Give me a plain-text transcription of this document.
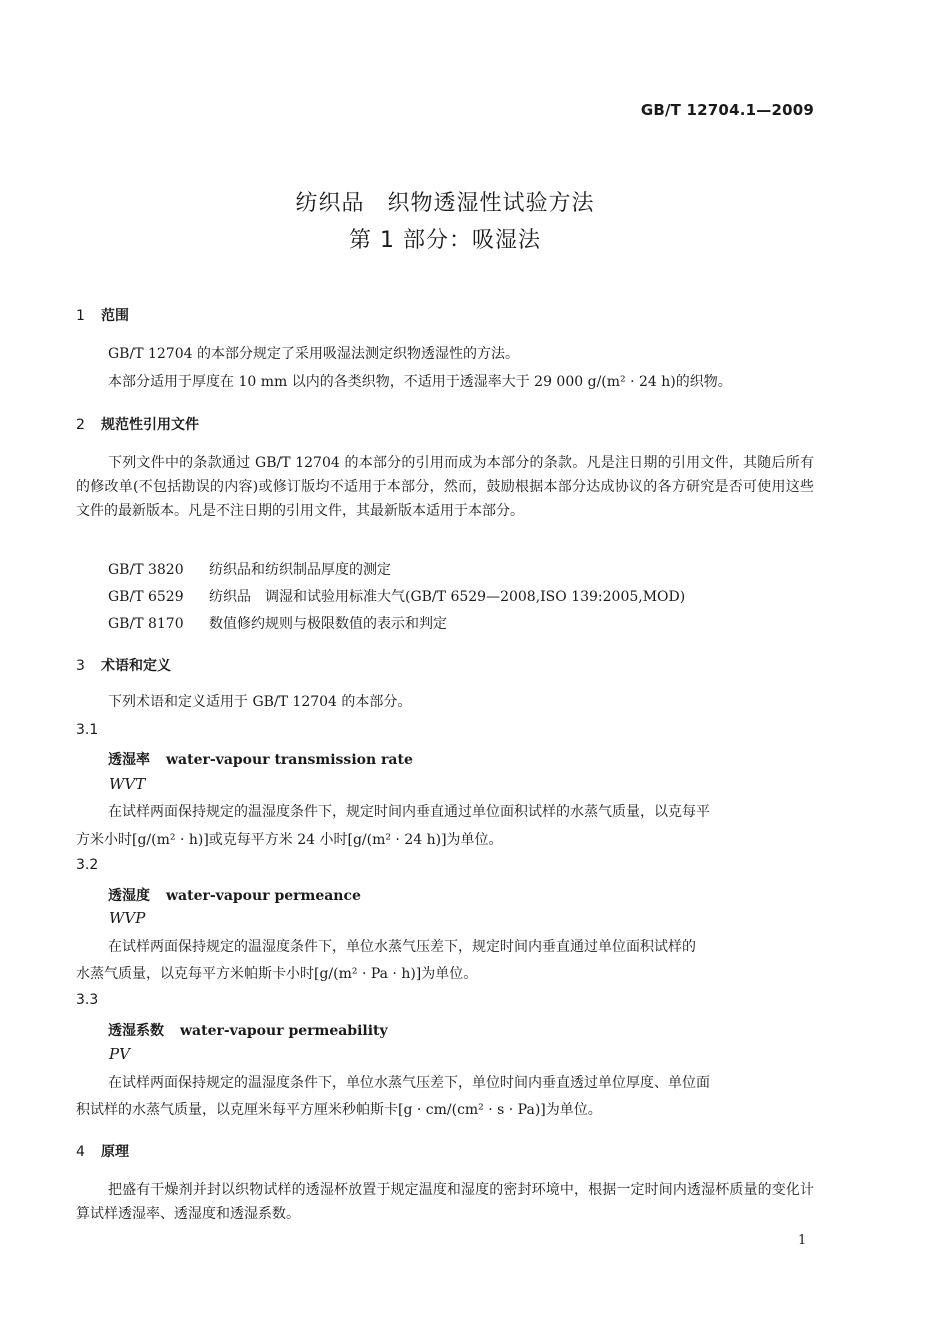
GB/T 12704.1—2009
纺织品　织物透湿性试验方法
第 1 部分：吸湿法
1 范围
GB/T 12704 的本部分规定了采用吸湿法测定织物透湿性的方法。
本部分适用于厚度在 10 mm 以内的各类织物，不适用于透湿率大于 29 000 g/(m² · 24 h)的织物。
2 规范性引用文件
下列文件中的条款通过 GB/T 12704 的本部分的引用而成为本部分的条款。凡是注日期的引用文件，其随后所有的修改单(不包括勘误的内容)或修订版均不适用于本部分，然而，鼓励根据本部分达成协议的各方研究是否可使用这些文件的最新版本。凡是不注日期的引用文件，其最新版本适用于本部分。
GB/T 3820 纺织品和纺织制品厚度的测定
GB/T 6529 纺织品　调湿和试验用标准大气(GB/T 6529—2008,ISO 139:2005,MOD)
GB/T 8170 数值修约规则与极限数值的表示和判定
3 术语和定义
下列术语和定义适用于 GB/T 12704 的本部分。
3.1
透湿率 water-vapour transmission rate
WVT
在试样两面保持规定的温湿度条件下，规定时间内垂直通过单位面积试样的水蒸气质量，以克每平
方米小时[g/(m² · h)]或克每平方米 24 小时[g/(m² · 24 h)]为单位。
3.2
透湿度 water-vapour permeance
WVP
在试样两面保持规定的温湿度条件下，单位水蒸气压差下，规定时间内垂直通过单位面积试样的
水蒸气质量，以克每平方米帕斯卡小时[g/(m² · Pa · h)]为单位。
3.3
透湿系数 water-vapour permeability
PV
在试样两面保持规定的温湿度条件下，单位水蒸气压差下，单位时间内垂直透过单位厚度、单位面
积试样的水蒸气质量，以克厘米每平方厘米秒帕斯卡[g · cm/(cm² · s · Pa)]为单位。
4 原理
把盛有干燥剂并封以织物试样的透湿杯放置于规定温度和湿度的密封环境中，根据一定时间内透湿杯质量的变化计算试样透湿率、透湿度和透湿系数。
1
